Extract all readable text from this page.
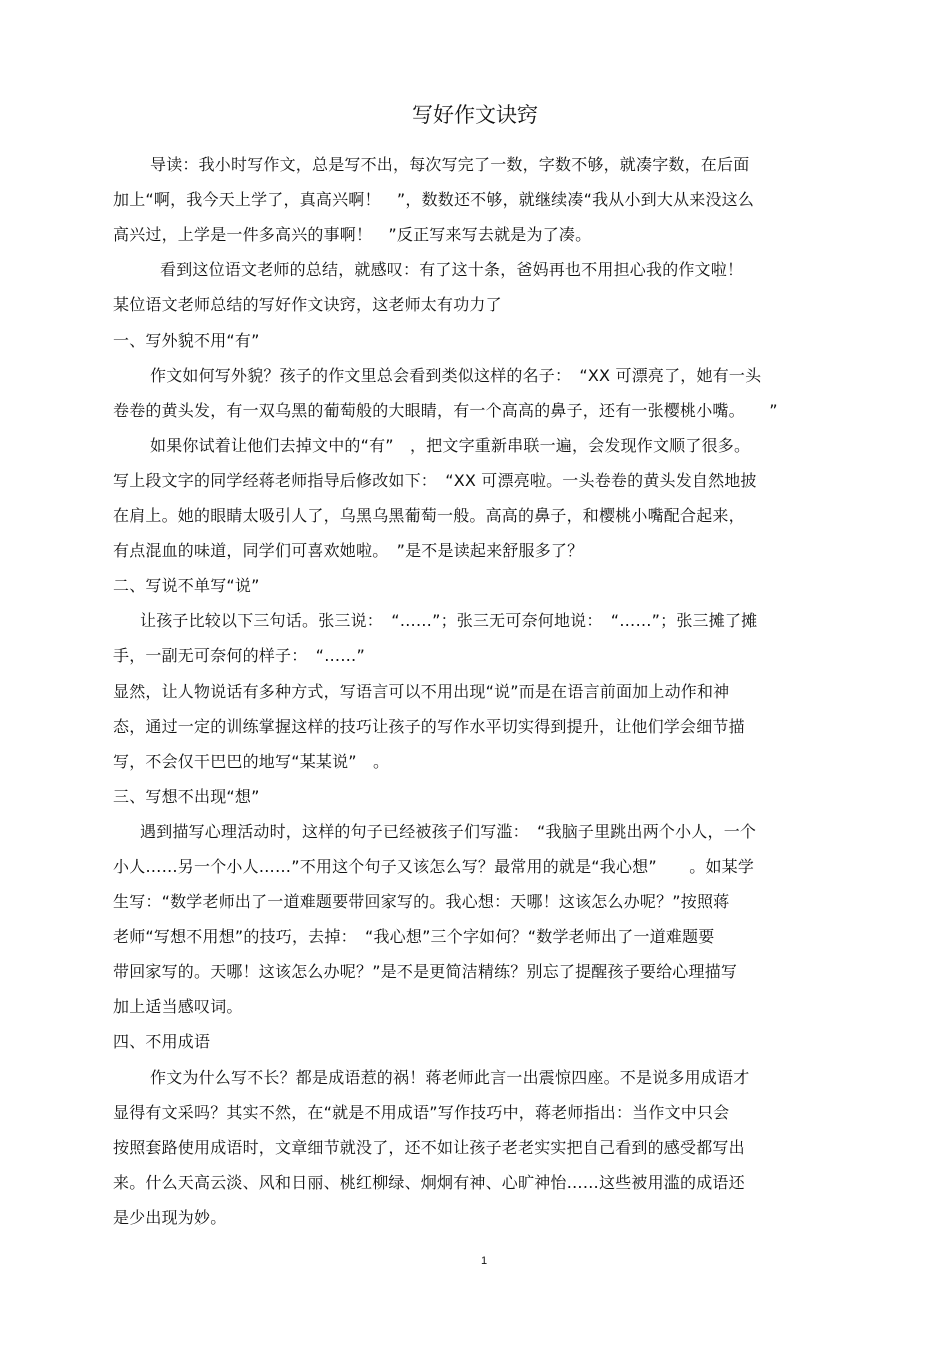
写好作文诀窍
导读：我小时写作文，总是写不出，每次写完了一数，字数不够，就凑字数，在后面
加上“啊，我今天上学了，真高兴啊！　”，数数还不够，就继续凑“我从小到大从来没这么
高兴过，上学是一件多高兴的事啊！　”反正写来写去就是为了凑。
看到这位语文老师的总结，就感叹：有了这十条，爸妈再也不用担心我的作文啦！
某位语文老师总结的写好作文诀窍，这老师太有功力了
一、写外貌不用“有”
作文如何写外貌？孩子的作文里总会看到类似这样的名子：　“XX 可漂亮了，她有一头
卷卷的黄头发，有一双乌黑的葡萄般的大眼睛，有一个高高的鼻子，还有一张樱桃小嘴。　　”
如果你试着让他们去掉文中的“有”　，把文字重新串联一遍，会发现作文顺了很多。
写上段文字的同学经蒋老师指导后修改如下：　“XX 可漂亮啦。一头卷卷的黄头发自然地披
在肩上。她的眼睛太吸引人了，乌黑乌黑葡萄一般。高高的鼻子，和樱桃小嘴配合起来，
有点混血的味道，同学们可喜欢她啦。　”是不是读起来舒服多了？
二、写说不单写“说”
让孩子比较以下三句话。张三说：　“……”；张三无可奈何地说：　“……”；张三摊了摊
手，一副无可奈何的样子：　“……”
显然，让人物说话有多种方式，写语言可以不用出现“说”而是在语言前面加上动作和神
态，通过一定的训练掌握这样的技巧让孩子的写作水平切实得到提升，让他们学会细节描
写，不会仅干巴巴的地写“某某说”　。
三、写想不出现“想”
遇到描写心理活动时，这样的句子已经被孩子们写滥：　“我脑子里跳出两个小人，一个
小人……另一个小人……”不用这个句子又该怎么写？最常用的就是“我心想”　　。如某学
生写：“数学老师出了一道难题要带回家写的。我心想：天哪！这该怎么办呢？”按照蒋
老师“写想不用想”的技巧，去掉：　“我心想”三个字如何？“数学老师出了一道难题要
带回家写的。天哪！这该怎么办呢？”是不是更简洁精练？别忘了提醒孩子要给心理描写
加上适当感叹词。
四、不用成语
作文为什么写不长？都是成语惹的祸！蒋老师此言一出震惊四座。不是说多用成语才
显得有文采吗？其实不然，在“就是不用成语”写作技巧中，蒋老师指出：当作文中只会
按照套路使用成语时，文章细节就没了，还不如让孩子老老实实把自己看到的感受都写出
来。什么天高云淡、风和日丽、桃红柳绿、炯炯有神、心旷神怡……这些被用滥的成语还
是少出现为妙。
1
